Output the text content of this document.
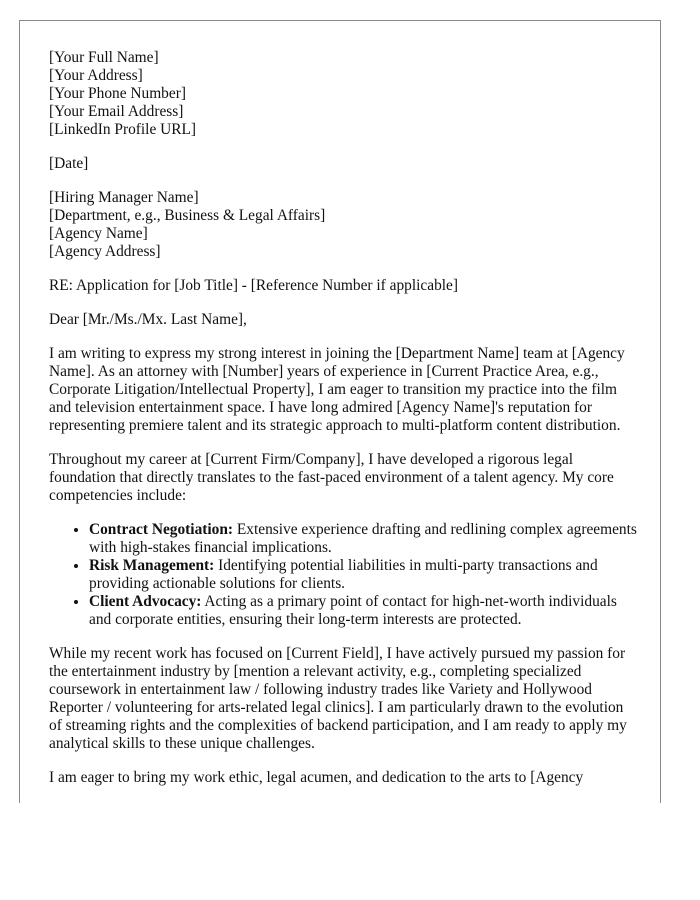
[Your Full Name]
[Your Address]
[Your Phone Number]
[Your Email Address]
[LinkedIn Profile URL]
[Date]
[Hiring Manager Name]
[Department, e.g., Business & Legal Affairs]
[Agency Name]
[Agency Address]

RE: Application for [Job Title] - [Reference Number if applicable]

Dear [Mr./Ms./Mx. Last Name],

I am writing to express my strong interest in joining the [Department Name] team at [Agency Name]. As an attorney with [Number] years of experience in [Current Practice Area, e.g., Corporate Litigation/Intellectual Property], I am eager to transition my practice into the film and television entertainment space. I have long admired [Agency Name]'s reputation for representing premiere talent and its strategic approach to multi-platform content distribution.

Throughout my career at [Current Firm/Company], I have developed a rigorous legal foundation that directly translates to the fast-paced environment of a talent agency. My core competencies include:

• Contract Negotiation: Extensive experience drafting and redlining complex agreements with high-stakes financial implications.
• Risk Management: Identifying potential liabilities in multi-party transactions and providing actionable solutions for clients.
• Client Advocacy: Acting as a primary point of contact for high-net-worth individuals and corporate entities, ensuring their long-term interests are protected.

While my recent work has focused on [Current Field], I have actively pursued my passion for the entertainment industry by [mention a relevant activity, e.g., completing specialized coursework in entertainment law / following industry trades like Variety and Hollywood Reporter / volunteering for arts-related legal clinics]. I am particularly drawn to the evolution of streaming rights and the complexities of backend participation, and I am ready to apply my analytical skills to these unique challenges.

I am eager to bring my work ethic, legal acumen, and dedication to the arts to [Agency
